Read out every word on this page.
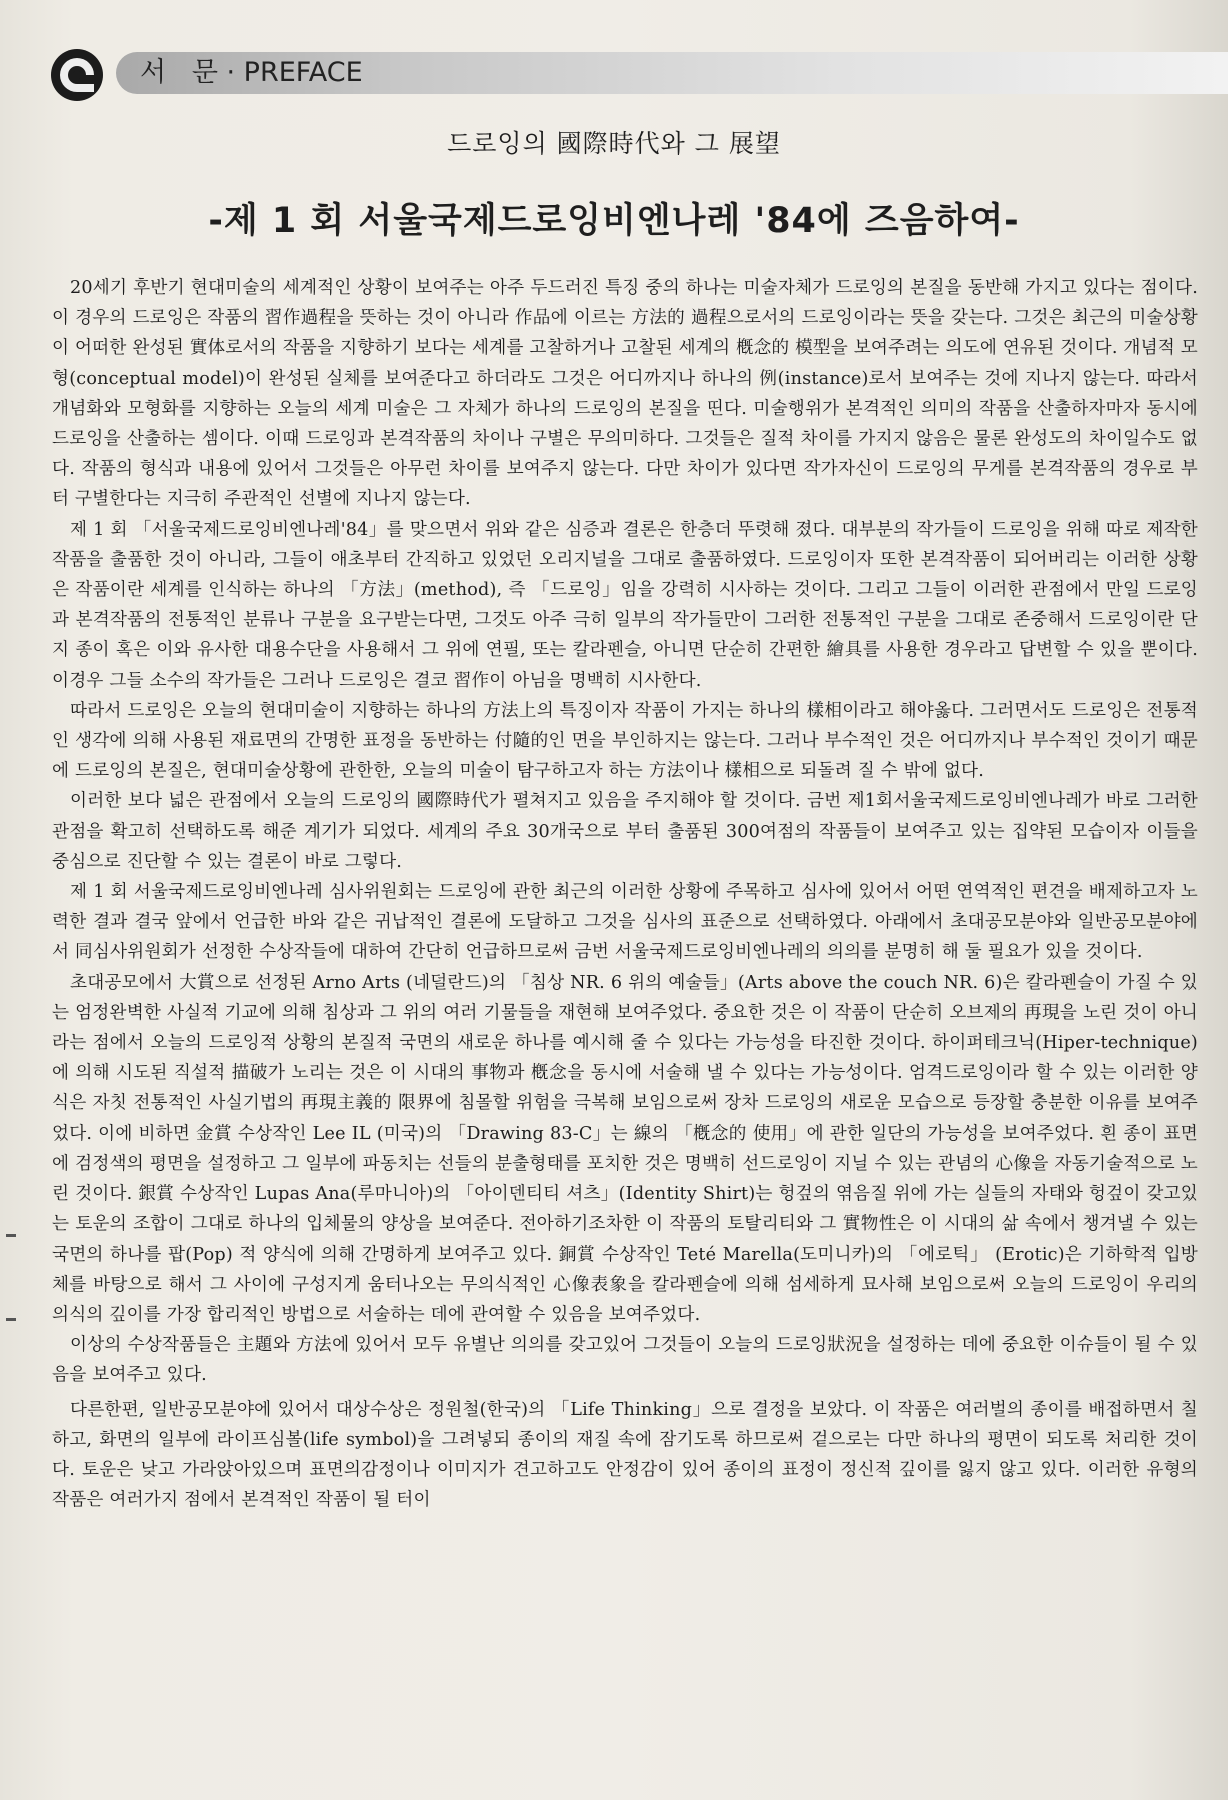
서   문 · PREFACE
드로잉의 國際時代와 그 展望
-제 1 회 서울국제드로잉비엔나레 '84에 즈음하여-

20세기 후반기 현대미술의 세계적인 상황이 보여주는 아주 두드러진 특징 중의 하나는 미술자체가 드로잉의 본질을 동반해 가지고 있다는 점이다. 이 경우의 드로잉은 작품의 習作過程을 뜻하는 것이 아니라 作品에 이르는 方法的 過程으로서의 드로잉이라는 뜻을 갖는다. 그것은 최근의 미술상황이 어떠한 완성된 實体로서의 작품을 지향하기 보다는 세계를 고찰하거나 고찰된 세계의 槪念的 模型을 보여주려는 의도에 연유된 것이다. 개념적 모형(conceptual model)이 완성된 실체를 보여준다고 하더라도 그것은 어디까지나 하나의 例(instance)로서 보여주는 것에 지나지 않는다. 따라서 개념화와 모형화를 지향하는 오늘의 세계 미술은 그 자체가 하나의 드로잉의 본질을 띤다. 미술행위가 본격적인 의미의 작품을 산출하자마자 동시에 드로잉을 산출하는 셈이다. 이때 드로잉과 본격작품의 차이나 구별은 무의미하다. 그것들은 질적 차이를 가지지 않음은 물론 완성도의 차이일수도 없다. 작품의 형식과 내용에 있어서 그것들은 아무런 차이를 보여주지 않는다. 다만 차이가 있다면 작가자신이 드로잉의 무게를 본격작품의 경우로 부터 구별한다는 지극히 주관적인 선별에 지나지 않는다.

제 1 회 「서울국제드로잉비엔나레'84」를 맞으면서 위와 같은 심증과 결론은 한층더 뚜렷해 졌다. 대부분의 작가들이 드로잉을 위해 따로 제작한 작품을 출품한 것이 아니라, 그들이 애초부터 간직하고 있었던 오리지널을 그대로 출품하였다. 드로잉이자 또한 본격작품이 되어버리는 이러한 상황은 작품이란 세계를 인식하는 하나의 「方法」(method), 즉 「드로잉」임을 강력히 시사하는 것이다. 그리고 그들이 이러한 관점에서 만일 드로잉과 본격작품의 전통적인 분류나 구분을 요구받는다면, 그것도 아주 극히 일부의 작가들만이 그러한 전통적인 구분을 그대로 존중해서 드로잉이란 단지 종이 혹은 이와 유사한 대용수단을 사용해서 그 위에 연필, 또는 칼라펜슬, 아니면 단순히 간편한 繪具를 사용한 경우라고 답변할 수 있을 뿐이다. 이경우 그들 소수의 작가들은 그러나 드로잉은 결코 習作이 아님을 명백히 시사한다.

따라서 드로잉은 오늘의 현대미술이 지향하는 하나의 方法上의 특징이자 작품이 가지는 하나의 樣相이라고 해야옳다. 그러면서도 드로잉은 전통적인 생각에 의해 사용된 재료면의 간명한 표정을 동반하는 付隨的인 면을 부인하지는 않는다. 그러나 부수적인 것은 어디까지나 부수적인 것이기 때문에 드로잉의 본질은, 현대미술상황에 관한한, 오늘의 미술이 탐구하고자 하는 方法이나 樣相으로 되돌려 질 수 밖에 없다.

이러한 보다 넓은 관점에서 오늘의 드로잉의 國際時代가 펼쳐지고 있음을 주지해야 할 것이다. 금번 제1회서울국제드로잉비엔나레가 바로 그러한 관점을 확고히 선택하도록 해준 계기가 되었다. 세계의 주요 30개국으로 부터 출품된 300여점의 작품들이 보여주고 있는 집약된 모습이자 이들을 중심으로 진단할 수 있는 결론이 바로 그렇다.

제 1 회 서울국제드로잉비엔나레 심사위원회는 드로잉에 관한 최근의 이러한 상황에 주목하고 심사에 있어서 어떤 연역적인 편견을 배제하고자 노력한 결과 결국 앞에서 언급한 바와 같은 귀납적인 결론에 도달하고 그것을 심사의 표준으로 선택하였다. 아래에서 초대공모분야와 일반공모분야에서 同심사위원회가 선정한 수상작들에 대하여 간단히 언급하므로써 금번 서울국제드로잉비엔나레의 의의를 분명히 해 둘 필요가 있을 것이다.

초대공모에서 大賞으로 선정된 Arno Arts (네덜란드)의 「침상 NR. 6 위의 예술들」(Arts above the couch NR. 6)은 칼라펜슬이 가질 수 있는 엄정완벽한 사실적 기교에 의해 침상과 그 위의 여러 기물들을 재현해 보여주었다. 중요한 것은 이 작품이 단순히 오브제의 再現을 노린 것이 아니라는 점에서 오늘의 드로잉적 상황의 본질적 국면의 새로운 하나를 예시해 줄 수 있다는 가능성을 타진한 것이다. 하이퍼테크닉(Hiper-technique)에 의해 시도된 직설적 描破가 노리는 것은 이 시대의 事物과 槪念을 동시에 서술해 낼 수 있다는 가능성이다. 엄격드로잉이라 할 수 있는 이러한 양식은 자칫 전통적인 사실기법의 再現主義的 限界에 침몰할 위험을 극복해 보임으로써 장차 드로잉의 새로운 모습으로 등장할 충분한 이유를 보여주었다. 이에 비하면 金賞 수상작인 Lee IL (미국)의 「Drawing 83-C」는 線의 「槪念的 使用」에 관한 일단의 가능성을 보여주었다. 흰 종이 표면에 검정색의 평면을 설정하고 그 일부에 파동치는 선들의 분출형태를 포치한 것은 명백히 선드로잉이 지닐 수 있는 관념의 心像을 자동기술적으로 노린 것이다. 銀賞 수상작인 Lupas Ana(루마니아)의 「아이덴티티 셔츠」(Identity Shirt)는 헝겊의 엮음질 위에 가는 실들의 자태와 헝겊이 갖고있는 토운의 조합이 그대로 하나의 입체물의 양상을 보여준다. 전아하기조차한 이 작품의 토탈리티와 그 實物性은 이 시대의 삶 속에서 챙겨낼 수 있는 국면의 하나를 팝(Pop) 적 양식에 의해 간명하게 보여주고 있다. 銅賞 수상작인 Teté Marella(도미니카)의 「에로틱」 (Erotic)은 기하학적 입방체를 바탕으로 해서 그 사이에 구성지게 움터나오는 무의식적인 心像表象을 칼라펜슬에 의해 섬세하게 묘사해 보임으로써 오늘의 드로잉이 우리의 의식의 깊이를 가장 합리적인 방법으로 서술하는 데에 관여할 수 있음을 보여주었다.

이상의 수상작품들은 主題와 方法에 있어서 모두 유별난 의의를 갖고있어 그것들이 오늘의 드로잉狀況을 설정하는 데에 중요한 이슈들이 될 수 있음을 보여주고 있다.

다른한편, 일반공모분야에 있어서 대상수상은 정원철(한국)의 「Life Thinking」으로 결정을 보았다. 이 작품은 여러벌의 종이를 배접하면서 칠하고, 화면의 일부에 라이프심볼(life symbol)을 그려넣되 종이의 재질 속에 잠기도록 하므로써 겉으로는 다만 하나의 평면이 되도록 처리한 것이다. 토운은 낮고 가라앉아있으며 표면의감정이나 이미지가 견고하고도 안정감이 있어 종이의 표정이 정신적 깊이를 잃지 않고 있다. 이러한 유형의 작품은 여러가지 점에서 본격적인 작품이 될 터이
